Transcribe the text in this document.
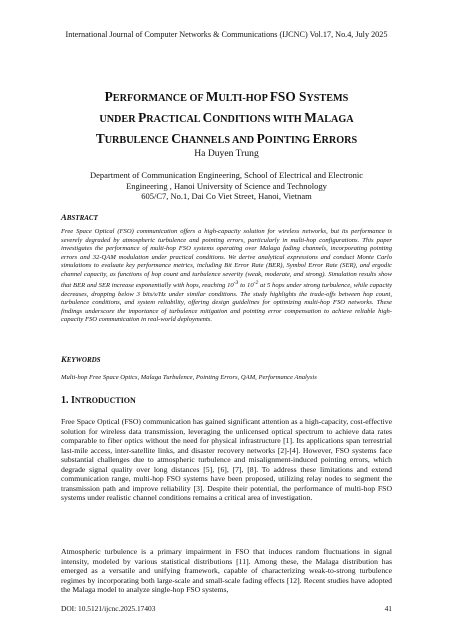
International Journal of Computer Networks & Communications (IJCNC) Vol.17, No.4, July 2025
PERFORMANCE OF MULTI-HOP FSO SYSTEMS
UNDER PRACTICAL CONDITIONS WITH MALAGA
TURBULENCE CHANNELS AND POINTING ERRORS
Ha Duyen Trung
Department of Communication Engineering, School of Electrical and Electronic
Engineering , Hanoi University of Science and Technology
605/C7, No.1, Dai Co Viet Street, Hanoi, Vietnam
ABSTRACT
Free Space Optical (FSO) communication offers a high-capacity solution for wireless networks, but its performance is severely degraded by atmospheric turbulence and pointing errors, particularly in multi-hop configurations. This paper investigates the performance of multi-hop FSO systems operating over Malaga fading channels, incorporating pointing errors and 32-QAM modulation under practical conditions. We derive analytical expressions and conduct Monte Carlo simulations to evaluate key performance metrics, including Bit Error Rate (BER), Symbol Error Rate (SER), and ergodic channel capacity, as functions of hop count and turbulence severity (weak, moderate, and strong). Simulation results show that BER and SER increase exponentially with hops, reaching $10^{-3}$ to $10^{-2}$ at 5 hops under strong turbulence, while capacity decreases, dropping below 3 bits/s/Hz under similar conditions. The study highlights the trade-offs between hop count, turbulence conditions, and system reliability, offering design guidelines for optimizing multi-hop FSO networks. These findings underscore the importance of turbulence mitigation and pointing error compensation to achieve reliable high-capacity FSO communication in real-world deployments.
KEYWORDS
Multi-hop Free Space Optics, Malaga Turbulence, Pointing Errors, QAM, Performance Analysis
1. INTRODUCTION
Free Space Optical (FSO) communication has gained significant attention as a high-capacity, cost-effective solution for wireless data transmission, leveraging the unlicensed optical spectrum to achieve data rates comparable to fiber optics without the need for physical infrastructure [1]. Its applications span terrestrial last-mile access, inter-satellite links, and disaster recovery networks [2]-[4]. However, FSO systems face substantial challenges due to atmospheric turbulence and misalignment-induced pointing errors, which degrade signal quality over long distances [5], [6], [7], [8]. To address these limitations and extend communication range, multi-hop FSO systems have been proposed, utilizing relay nodes to segment the transmission path and improve reliability [3]. Despite their potential, the performance of multi-hop FSO systems under realistic channel conditions remains a critical area of investigation.
Atmospheric turbulence is a primary impairment in FSO that induces random fluctuations in signal intensity, modeled by various statistical distributions [11]. Among these, the Malaga distribution has emerged as a versatile and unifying framework, capable of characterizing weak-to-strong turbulence regimes by incorporating both large-scale and small-scale fading effects [12]. Recent studies have adopted the Malaga model to analyze single-hop FSO systems,
DOI: 10.5121/ijcnc.2025.17403	41
